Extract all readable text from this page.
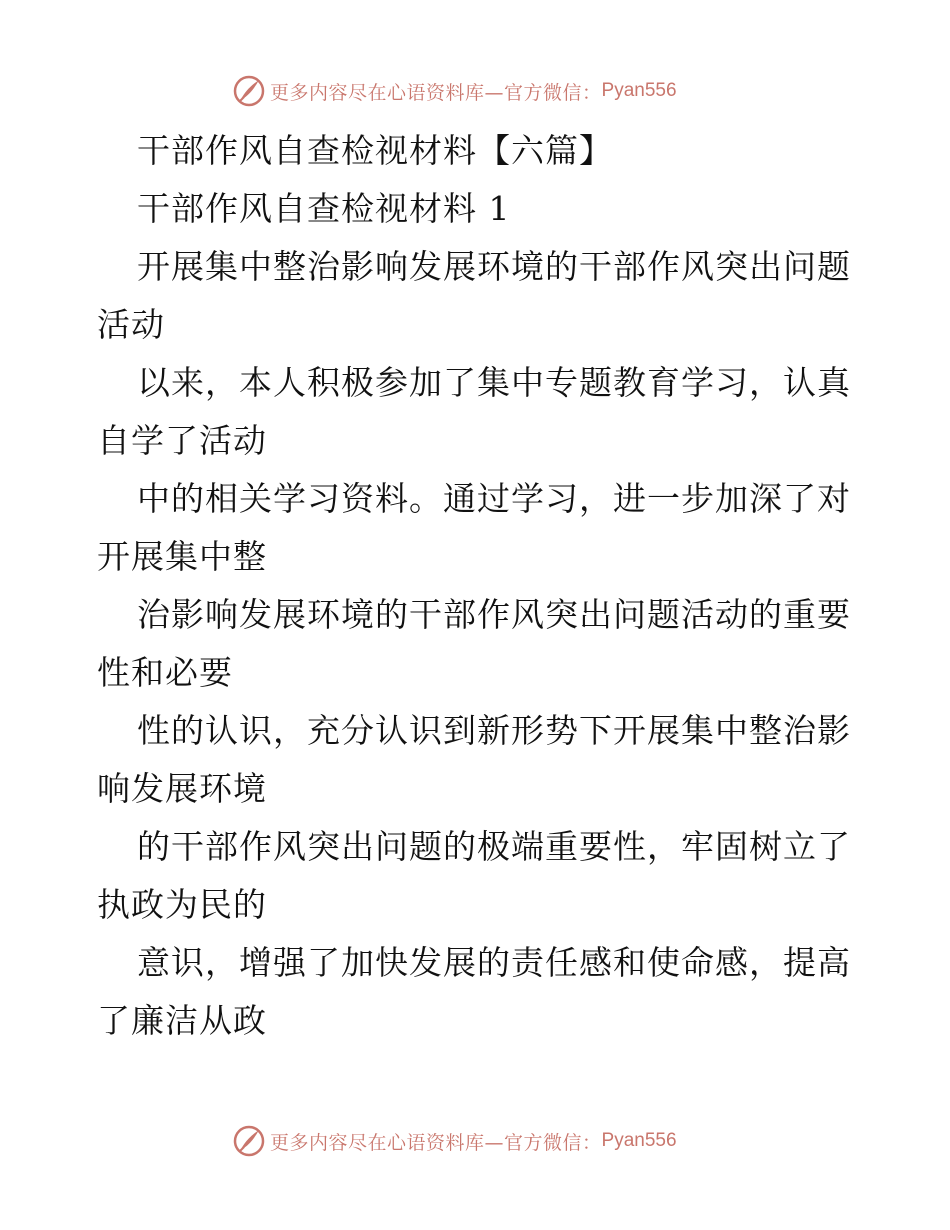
更多内容尽在心语资料库—官方微信： Pyan556
干部作风自查检视材料【六篇】
干部作风自查检视材料 1
开展集中整治影响发展环境的干部作风突出问题
活动
以来，本人积极参加了集中专题教育学习，认真
自学了活动
中的相关学习资料。通过学习，进一步加深了对
开展集中整
治影响发展环境的干部作风突出问题活动的重要
性和必要
性的认识，充分认识到新形势下开展集中整治影
响发展环境
的干部作风突出问题的极端重要性，牢固树立了
执政为民的
意识，增强了加快发展的责任感和使命感，提高
了廉洁从政
更多内容尽在心语资料库—官方微信： Pyan556
